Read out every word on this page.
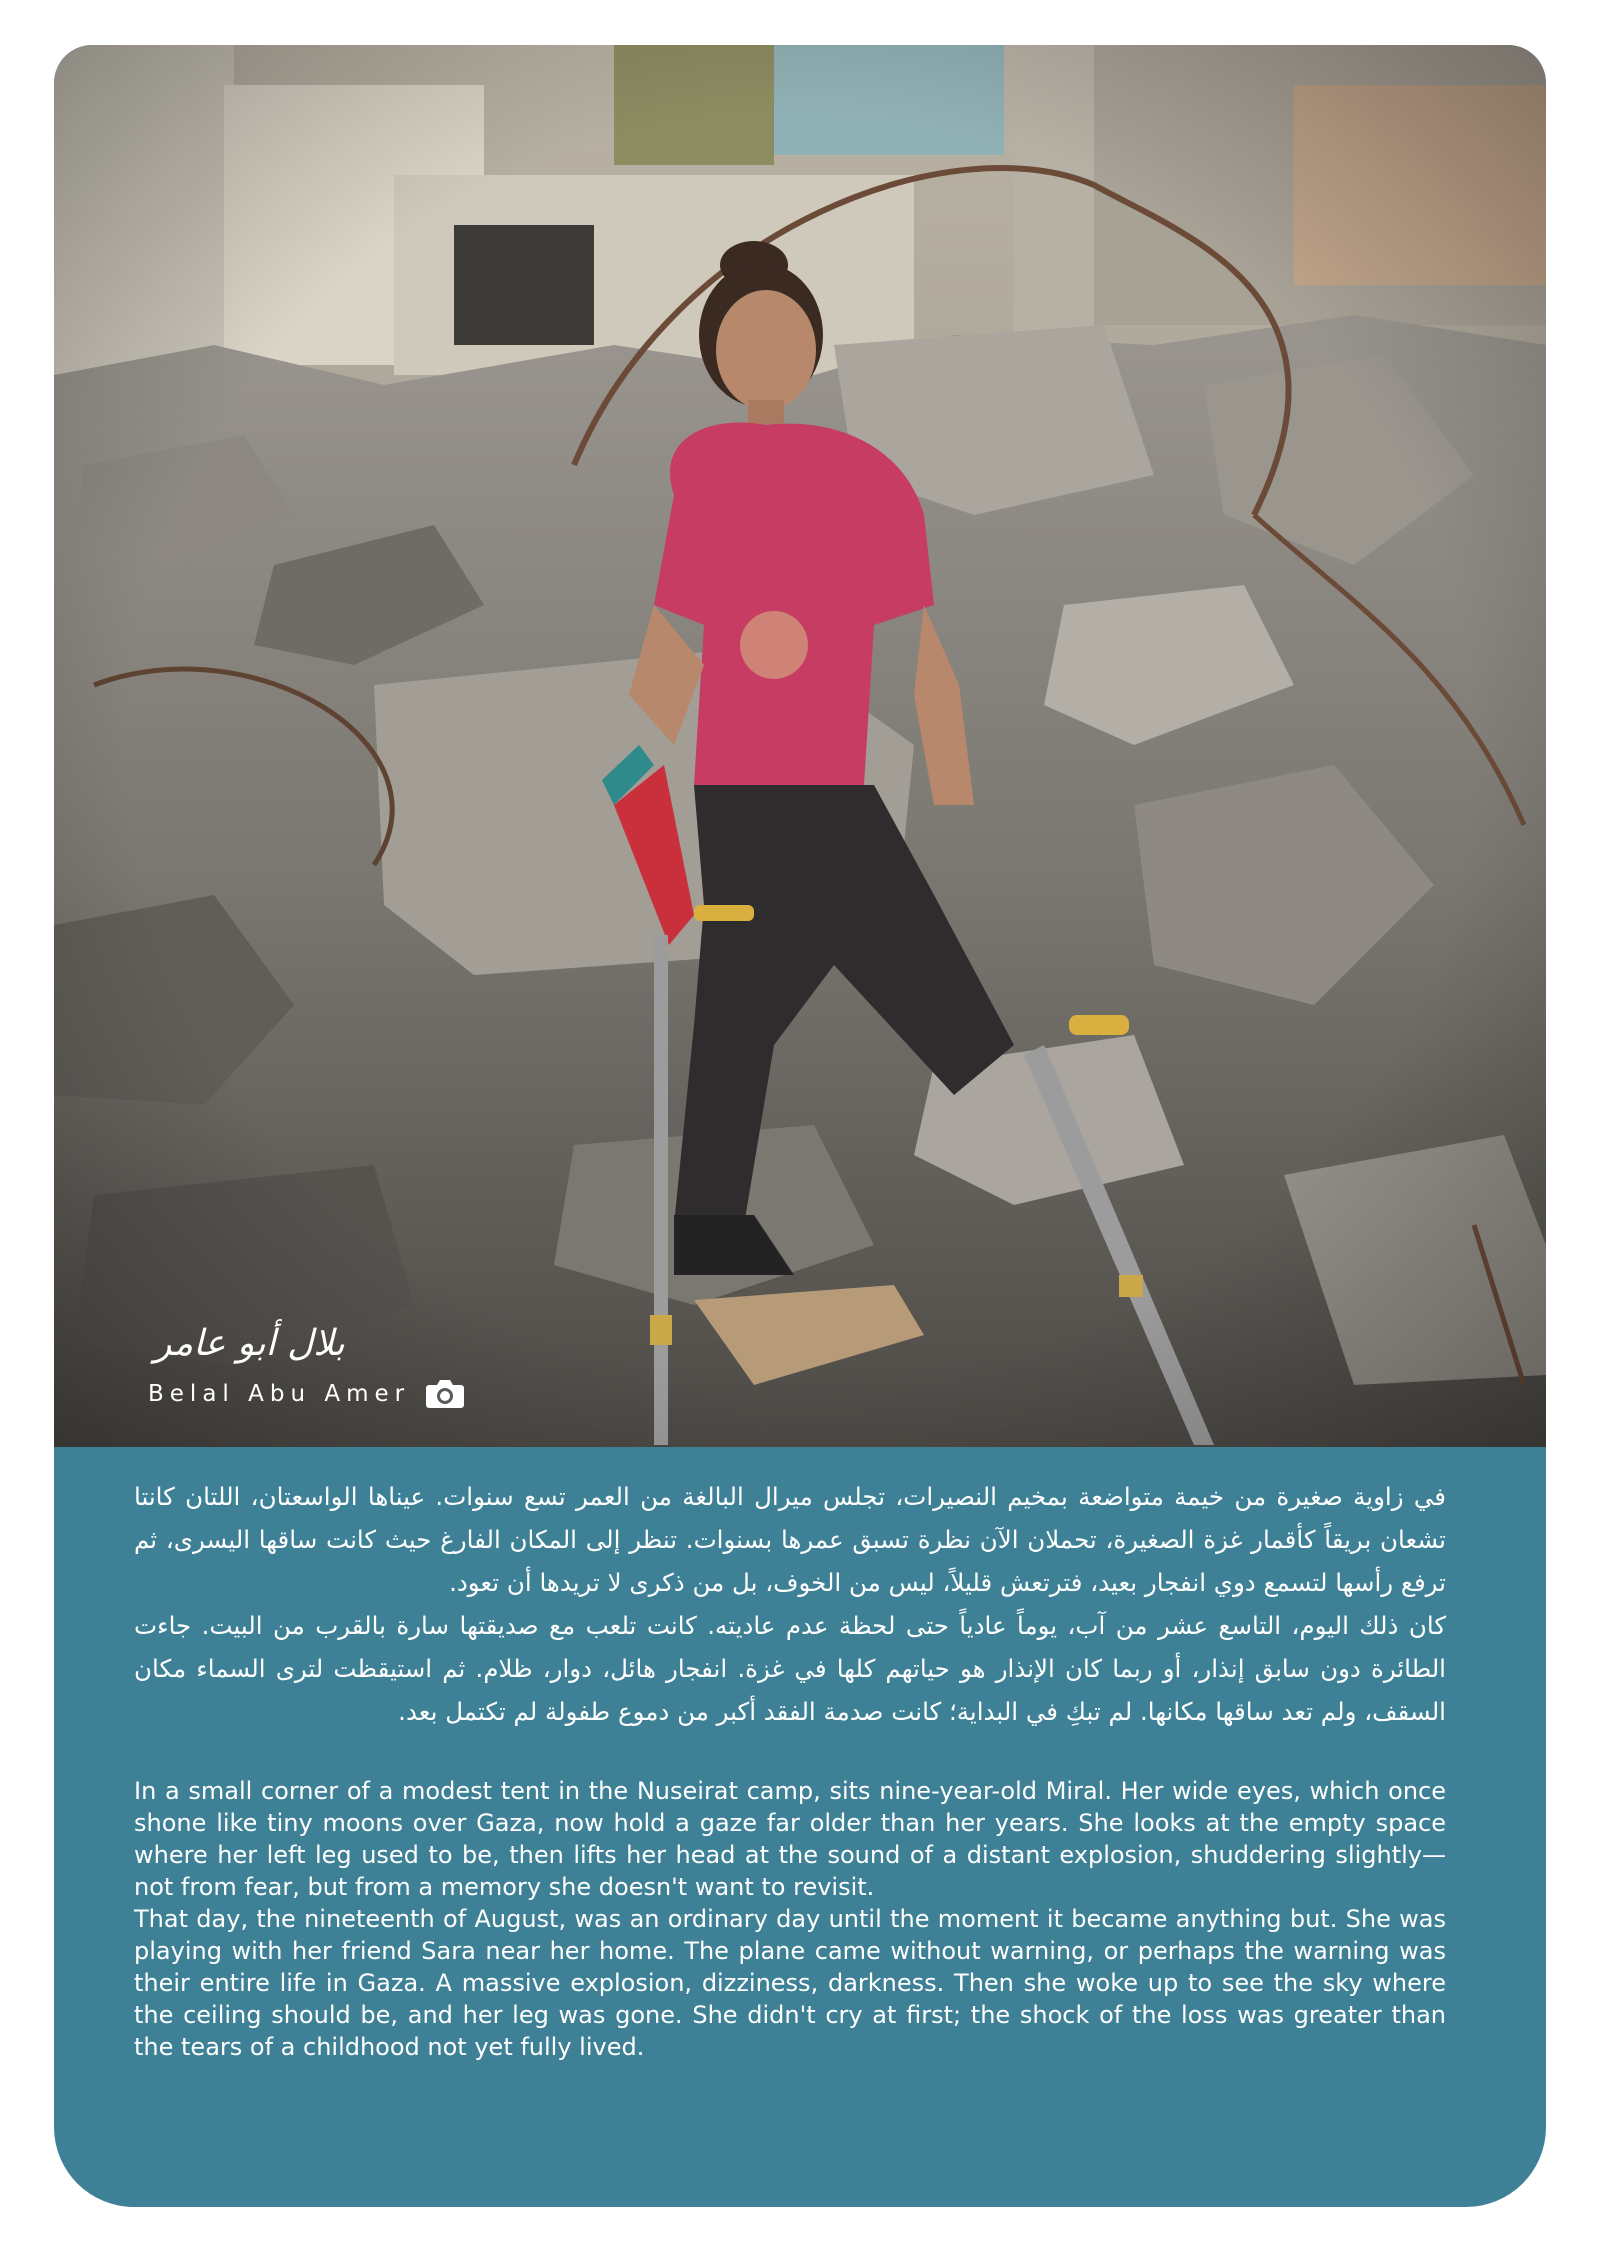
بلال أبو عامر
Belal Abu Amer

في زاوية صغيرة من خيمة متواضعة بمخيم النصيرات، تجلس ميرال البالغة من العمر تسع سنوات. عيناها الواسعتان، اللتان كانتا تشعان بريقاً كأقمار غزة الصغيرة، تحملان الآن نظرة تسبق عمرها بسنوات. تنظر إلى المكان الفارغ حيث كانت ساقها اليسرى، ثم ترفع رأسها لتسمع دوي انفجار بعيد، فترتعش قليلاً، ليس من الخوف، بل من ذكرى لا تريدها أن تعود.

كان ذلك اليوم، التاسع عشر من آب، يوماً عادياً حتى لحظة عدم عاديته. كانت تلعب مع صديقتها سارة بالقرب من البيت. جاءت الطائرة دون سابق إنذار، أو ربما كان الإنذار هو حياتهم كلها في غزة. انفجار هائل، دوار، ظلام. ثم استيقظت لترى السماء مكان السقف، ولم تعد ساقها مكانها. لم تبكِ في البداية؛ كانت صدمة الفقد أكبر من دموع طفولة لم تكتمل بعد.

In a small corner of a modest tent in the Nuseirat camp, sits nine-year-old Miral. Her wide eyes, which once shone like tiny moons over Gaza, now hold a gaze far older than her years. She looks at the empty space where her left leg used to be, then lifts her head at the sound of a distant explosion, shuddering slightly—not from fear, but from a memory she doesn't want to revisit.

That day, the nineteenth of August, was an ordinary day until the moment it became anything but. She was playing with her friend Sara near her home. The plane came without warning, or perhaps the warning was their entire life in Gaza. A massive explosion, dizziness, darkness. Then she woke up to see the sky where the ceiling should be, and her leg was gone. She didn't cry at first; the shock of the loss was greater than the tears of a childhood not yet fully lived.
